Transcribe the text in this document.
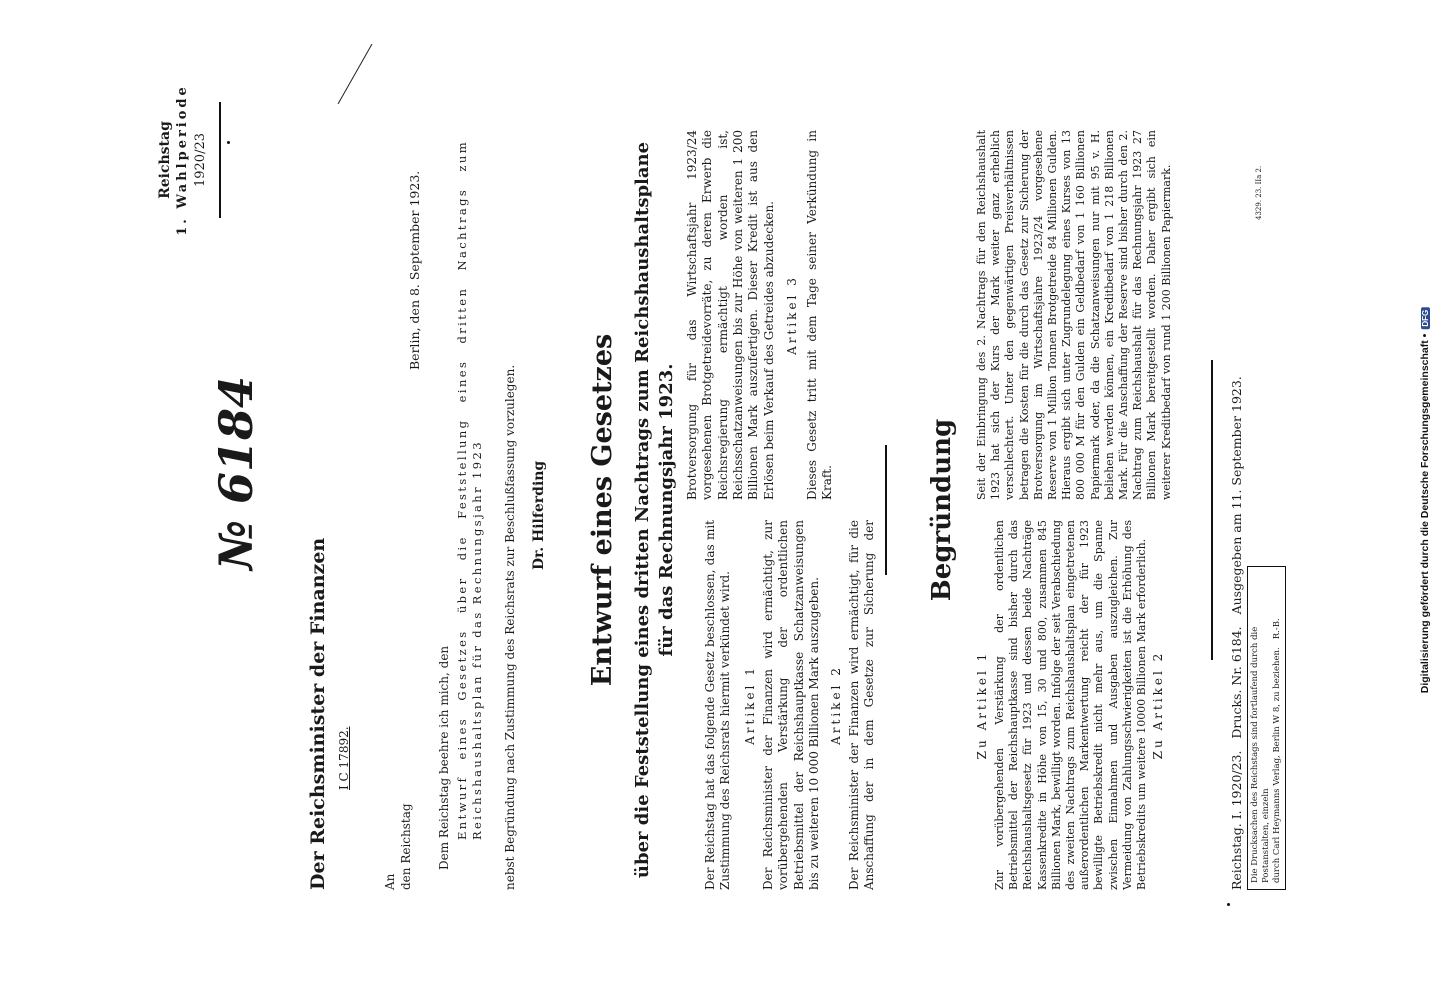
Reichstag 1. Wahlperiode 1920/23
№ 6184
Der Reichsminister der Finanzen I C 17892.
Berlin, den 8. September 1923.
An den Reichstag Dem Reichstag beehre ich mich, den Entwurf eines Gesetzes über die Feststellung eines dritten Nachtrags zum Reichshaushaltsplan für das Rechnungsjahr 1923 nebst Begründung nach Zustimmung des Reichsrats zur Beschlußfassung vorzulegen. Dr. Hilferding Entwurf eines Gesetzes über die Feststellung eines dritten Nachtrags zum Reichshaushaltsplane für das Rechnungsjahr 1923.
Der Reichstag hat das folgende Gesetz beschlossen, das mit Zustimmung des Reichsrats hiermit verkündet wird. Artikel 1 Der Reichsminister der Finanzen wird ermächtigt, zur vorübergehenden Verstärkung der ordentlichen Betriebsmittel der Reichshauptkasse Schatzanweisungen bis zu weiteren 10 000 Billionen Mark auszugeben. Artikel 2
Der Reichsminister der Finanzen wird ermächtigt, für die Anschaffung der in dem Gesetze zur Sicherung der
Brotversorgung für das Wirtschaftsjahr 1923/24 vorgesehenen Brotgetreidevorräte, zu deren Erwerb die Reichsregierung ermächtigt worden ist, Reichsschatzanweisungen bis zur Höhe von weiteren 1 200 Billionen Mark auszufertigen. Dieser Kredit ist aus den Erlösen beim Verkauf des Getreides abzudecken.
Artikel 3 Dieses Gesetz tritt mit dem Tage seiner Verkündung in Kraft.	Begründung
Zu Artikel 1 Zur vorübergehenden Verstärkung der ordentlichen Betriebsmittel der Reichshauptkasse sind bisher durch das Reichshaushaltsgesetz für 1923 und dessen beide Nachträge Kassenkredite in Höhe von 15, 30 und 800, zusammen 845 Billionen Mark, bewilligt worden. Infolge der seit Verabschiedung des zweiten Nachtrags zum Reichshaushaltsplan eingetretenen außerordentlichen Markentwertung reicht der für 1923 bewilligte Betriebskredit nicht mehr aus, um die Spanne zwischen Einnahmen und Ausgaben auszugleichen. Zur Vermeidung von Zahlungsschwierigkeiten ist die Erhöhung des Betriebskredits um weitere 10000 Billionen Mark erforderlich. Zu Artikel 2
Seit der Einbringung des 2. Nachtrags für den Reichshaushalt 1923 hat sich der Kurs der Mark weiter ganz erheblich verschlechtert. Unter den gegenwärtigen Preisverhältnissen betragen die Kosten für die durch das Gesetz zur Sicherung der Brotversorgung im Wirtschaftsjahre 1923/24 vorgesehene Reserve von 1 Million Tonnen Brotgetreide 84 Millionen Gulden. Hieraus ergibt sich unter Zugrundelegung eines Kurses von 13 800 000 M für den Gulden ein Geldbedarf von 1 160 Billionen Papiermark oder, da die Schatzanweisungen nur mit 95 v. H. beliehen werden können, ein Kreditbedarf von 1 218 Billionen Mark. Für die Anschaffung der Reserve sind bisher durch den 2. Nachtrag zum Reichshaushalt für das Rechnungsjahr 1923 27 Billionen Mark bereitgestellt worden. Daher ergibt sich ein weiterer Kreditbedarf von rund 1 200 Billionen Papiermark.
Reichstag. I. 1920/23.   Drucks. Nr. 6184.   Ausgegeben am 11. September 1923. Die Drucksachen des Reichstags sind fortlaufend durch die Postanstalten, einzeln durch Carl Heymanns Verlag, Berlin W 8, zu beziehen.   R.-B.
4329. 23. IIa 2.
Digitalisierung gefördert durch die Deutsche Forschungsgemeinschaft •
DFG
